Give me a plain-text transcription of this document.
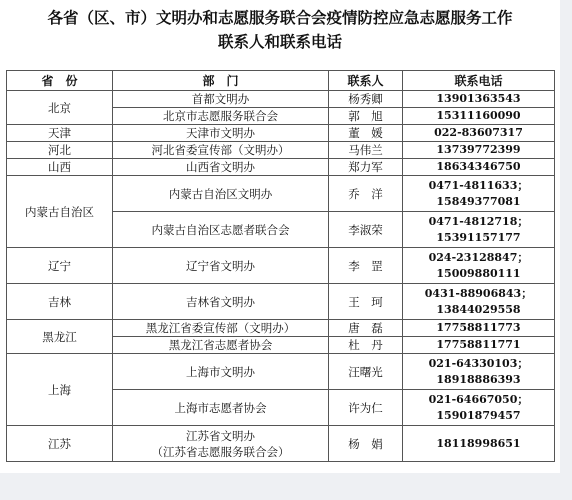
各省（区、市）文明办和志愿服务联合会疫情防控应急志愿服务工作
联系人和联系电话
省　份	部　门	联系人	联系电话
北京	首都文明办	杨秀卿	13901363543
	北京市志愿服务联合会	郭　旭	15311160090
天津	天津市文明办	董　媛	022-83607317
河北	河北省委宣传部（文明办）	马伟兰	13739772399
山西	山西省文明办	郑力军	18634346750
内蒙古自治区	内蒙古自治区文明办	乔　洋	0471-4811633；
15849377081
	内蒙古自治区志愿者联合会	李淑荣	0471-4812718；
15391157177
辽宁	辽宁省文明办	李　罡	024-23128847；
15009880111
吉林	吉林省文明办	王　珂	0431-88906843；
13844029558
黑龙江	黑龙江省委宣传部（文明办）	唐　磊	17758811773
	黑龙江省志愿者协会	杜　丹	17758811771
上海	上海市文明办	汪曙光	021-64330103；
18918886393
	上海市志愿者协会	许为仁	021-64667050；
15901879457
江苏	江苏省文明办
（江苏省志愿服务联合会）	杨　娟	18118998651
